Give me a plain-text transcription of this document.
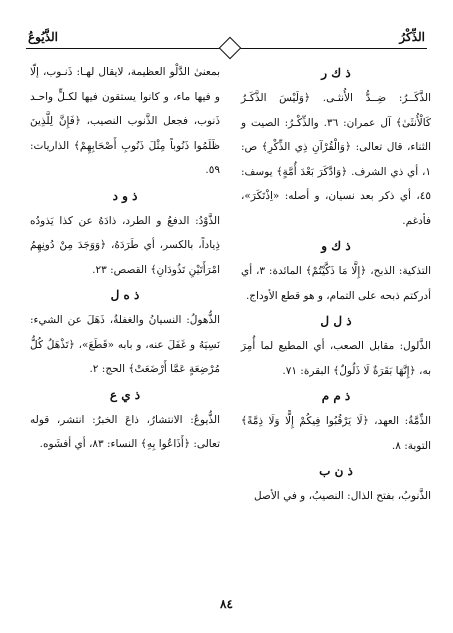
الذِّكْرُ
الذَّيُوعُ

ذ ك ر

الذَّكَــرُ: ضِــدُّ الأُنثـى. ﴿وَلَيْسَ الذَّكَـرُ كَالْأُنثَىٰ﴾ آل عمران: ٣٦. والذِّكْـرُ: الصيت و الثناء، قال تعالى: ﴿وَالْقُرْآنِ ذِي الذِّكْرِ﴾ ص: ١، أي ذي الشرف. ﴿وَادَّكَرَ بَعْدَ أُمَّةٍ﴾ يوسف: ٤٥، أي ذكر بعد نسيان، و أصله: «اِذْتَكَرَ»، فأدغم.

ذ ك و

التذكية: الذبح، ﴿إِلَّا مَا ذَكَّيْتُمْ﴾ المائدة: ٣، أي أدركتم ذبحه على التمام، و هو قطع الأوداج.

ذ ل ل

الذَّلول: مقابل الصعب، أي المطيع لما أُمِرَ به، ﴿إِنَّهَا بَقَرَةٌ لَا ذَلُولٌ﴾ البقرة: ٧١.

ذ م م

الذِّمَّةُ: العهد، ﴿لَا يَرْقُبُوا فِيكُمْ إِلًّا وَلَا ذِمَّةً﴾ التوبة: ٨.

ذ ن ب

الذَّنوبُ، بفتح الذال: النصيبُ، و في الأصل

بمعنىٰ الدَّلْو العظيمة، لايقال لهـا: ذَنـوب، إلّا و فيها ماء، و كانوا يستقون فيها لكـلٍّ واحـد ذَنوب، فجعل الذَّنوب النصيب، ﴿فَإِنَّ لِلَّذِينَ ظَلَمُوا ذَنُوباً مِثْلَ ذَنُوبِ أَصْحَابِهِمْ﴾ الذاريات: ٥٩.

ذ و د

الذَّوْدُ: الدفعُ و الطرد، ذادَهُ عن كذا يَذودُه ذِياداً، بالكسر، أي طَرَدَهُ، ﴿وَوَجَدَ مِنْ دُونِهِمُ امْرَأَتَيْنِ تَذُودَانِ﴾ القصص: ٢٣.

ذ ه ل

الذُّهولُ: النسيانُ والغفلةُ، ذَهَلَ عن الشيء: نَسِيَهُ و غَفَلَ عنه، و بابه «قَطَعَ»، ﴿تَذْهَلُ كُلُّ مُرْضِعَةٍ عَمَّا أَرْضَعَتْ﴾ الحج: ٢.

ذ ي ع

الذُّيوعُ: الانتشارُ، ذاعَ الخبرُ: انتشر، قوله تعالى: ﴿أَذَاعُوا بِهِ﴾ النساء: ٨٣، أي أفشَوه.

٨٤
